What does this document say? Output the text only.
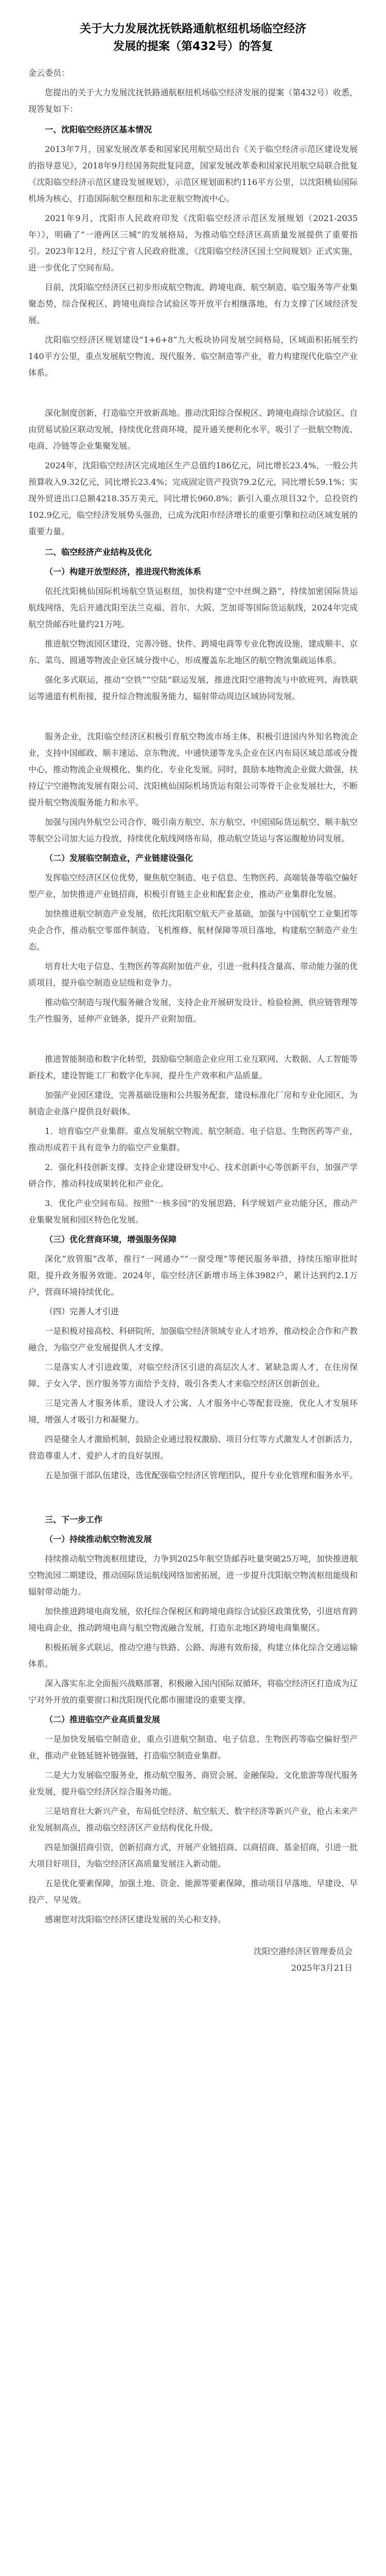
关于大力发展沈抚铁路通航枢纽机场临空经济
发展的提案（第432号）的答复
金云委员：
您提出的关于大力发展沈抚铁路通航枢纽机场临空经济发展的提案（第432号）收悉，现答复如下：
一、沈阳临空经济区基本情况
2013年7月，国家发展改革委和国家民用航空局出台《关于临空经济示范区建设发展的指导意见》，2018年9月经国务院批复同意，国家发展改革委和国家民用航空局联合批复《沈阳临空经济示范区建设发展规划》，示范区规划面积约116平方公里，以沈阳桃仙国际机场为核心，打造国际航空枢纽和东北亚航空物流中心。
2021年9月，沈阳市人民政府印发《沈阳临空经济示范区发展规划（2021-2035年）》，明确了“一港两区三城”的发展格局，为推动临空经济区高质量发展提供了重要指引。2023年12月，经辽宁省人民政府批准，《沈阳临空经济区国土空间规划》正式实施，进一步优化了空间布局。
目前，沈阳临空经济区已初步形成航空物流、跨境电商、航空制造、临空服务等产业集聚态势，综合保税区、跨境电商综合试验区等开放平台相继落地，有力支撑了区域经济发展。
沈阳临空经济区规划建设“1+6+8”九大板块协同发展空间格局，区域面积拓展至约140平方公里，重点发展航空物流、现代服务、临空制造等产业，着力构建现代化临空产业体系。
深化制度创新，打造临空开放新高地。推动沈阳综合保税区、跨境电商综合试验区、自由贸易试验区联动发展，持续优化营商环境，提升通关便利化水平，吸引了一批航空物流、电商、冷链等企业集聚发展。
2024年，沈阳临空经济区完成地区生产总值约186亿元，同比增长23.4%，一般公共预算收入9.32亿元，同比增长23.4%；完成固定资产投资79.2亿元，同比增长59.1%；实现外贸进出口总额4218.35万美元，同比增长960.8%；新引入重点项目32个，总投资约102.9亿元，临空经济发展势头强劲，已成为沈阳市经济增长的重要引擎和拉动区域发展的重要力量。
二、临空经济产业结构及优化
（一）构建开放型经济，推进现代物流体系
依托沈阳桃仙国际机场航空货运枢纽，加快构建“空中丝绸之路”，持续加密国际货运航线网络，先后开通沈阳至法兰克福、首尔、大阪、芝加哥等国际货运航线，2024年完成航空货邮吞吐量约21万吨。
推进航空物流园区建设，完善冷链、快件、跨境电商等专业化物流设施，建成顺丰、京东、菜鸟、圆通等物流企业区域分拨中心，形成覆盖东北地区的航空物流集疏运体系。
强化多式联运，推动“空铁”“空陆”联运发展，推进沈阳空港物流与中欧班列、海铁联运等通道有机衔接，提升综合物流服务能力，辐射带动周边区域协同发展。
服务企业，沈阳临空经济区积极引育航空物流市场主体，积极引进国内外知名物流企业，支持中国邮政、顺丰速运、京东物流、中通快递等龙头企业在区内布局区域总部或分拨中心，推动物流企业规模化、集约化、专业化发展。同时，鼓励本地物流企业做大做强，扶持辽宁空港物流发展有限公司、沈阳桃仙国际机场货运有限公司等骨干企业发展壮大，不断提升航空物流服务能力和水平。
加强与国内外航空公司合作，吸引南方航空、东方航空、中国国际货运航空、顺丰航空等航空公司加大运力投放，持续优化航线网络布局，推动航空货运与客运腹舱协同发展。
（二）发展临空制造业，产业链建设强化
发挥临空经济区区位优势，聚焦航空制造、电子信息、生物医药、高端装备等临空偏好型产业，加快推进产业链招商，积极引育链主企业和配套企业，推动产业集群化发展。
加快推进航空制造产业发展，依托沈阳航空航天产业基础，加强与中国航空工业集团等央企合作，推动航空零部件制造、飞机维修、航材保障等项目落地，构建航空制造产业生态。
培育壮大电子信息、生物医药等高附加值产业，引进一批科技含量高、带动能力强的优质项目，提升临空制造业层级和竞争力。
推动临空制造与现代服务融合发展，支持企业开展研发设计、检验检测、供应链管理等生产性服务，延伸产业链条，提升产业附加值。
推进智能制造和数字化转型，鼓励临空制造企业应用工业互联网、大数据、人工智能等新技术，建设智能工厂和数字化车间，提升生产效率和产品质量。
加强产业园区建设，完善基础设施和公共服务配套，建设标准化厂房和专业化园区，为制造企业落户提供良好载体。
1．培育临空产业集群。重点发展航空物流、航空制造、电子信息、生物医药等产业，推动形成若干具有竞争力的临空产业集群。
2．强化科技创新支撑。支持企业建设研发中心、技术创新中心等创新平台，加强产学研合作，推动科技成果转化和产业化。
3．优化产业空间布局。按照“一核多园”的发展思路，科学规划产业功能分区，推动产业集聚发展和园区特色化发展。
（三）优化营商环境，增强服务保障
深化“放管服”改革，推行“一网通办”“一窗受理”等便民服务举措，持续压缩审批时限，提升政务服务效能。2024年，临空经济区新增市场主体3982户，累计达到约2.1万户，营商环境持续优化。
（四）完善人才引进
一是积极对接高校、科研院所，加强临空经济领域专业人才培养，推动校企合作和产教融合，为临空产业发展提供人才支撑。
二是落实人才引进政策，对临空经济区引进的高层次人才、紧缺急需人才，在住房保障、子女入学、医疗服务等方面给予支持，吸引各类人才来临空经济区创新创业。
三是完善人才服务体系，建设人才公寓、人才服务中心等配套设施，优化人才发展环境，增强人才吸引力和凝聚力。
四是健全人才激励机制，鼓励企业通过股权激励、项目分红等方式激发人才创新活力，营造尊重人才、爱护人才的良好氛围。
五是加强干部队伍建设，选优配强临空经济区管理团队，提升专业化管理和服务水平。
三、下一步工作
（一）持续推动航空物流发展
持续推动航空物流枢纽建设，力争到2025年航空货邮吞吐量突破25万吨，加快推进航空物流园二期建设，推动国际货运航线网络加密拓展，进一步提升沈阳航空物流枢纽能级和辐射带动能力。
加快推进跨境电商发展，依托综合保税区和跨境电商综合试验区政策优势，引进培育跨境电商企业，推动跨境电商与航空物流融合发展，打造东北地区跨境电商集聚区。
积极拓展多式联运，推动空港与铁路、公路、海港有效衔接，构建立体化综合交通运输体系。
深入落实东北全面振兴战略部署，积极融入国内国际双循环，将临空经济区打造成为辽宁对外开放的重要窗口和沈阳现代化都市圈建设的重要支撑。
（二）推进临空产业高质量发展
一是加快发展临空制造业，重点引进航空制造、电子信息、生物医药等临空偏好型产业，推动产业链延链补链强链，打造临空制造业集群。
二是大力发展临空服务业，推动航空服务、商贸会展、金融保险、文化旅游等现代服务业发展，提升临空经济区综合服务功能。
三是培育壮大新兴产业，布局低空经济、航空航天、数字经济等新兴产业，抢占未来产业发展制高点，推动临空经济区产业结构优化升级。
四是加强招商引资，创新招商方式，开展产业链招商、以商招商、基金招商，引进一批大项目好项目，为临空经济区高质量发展注入新动能。
五是优化要素保障，加强土地、资金、能源等要素保障，推动项目早落地、早建设、早投产、早见效。
感谢您对沈阳临空经济区建设发展的关心和支持。
沈阳空港经济区管理委员会
2025年3月21日
